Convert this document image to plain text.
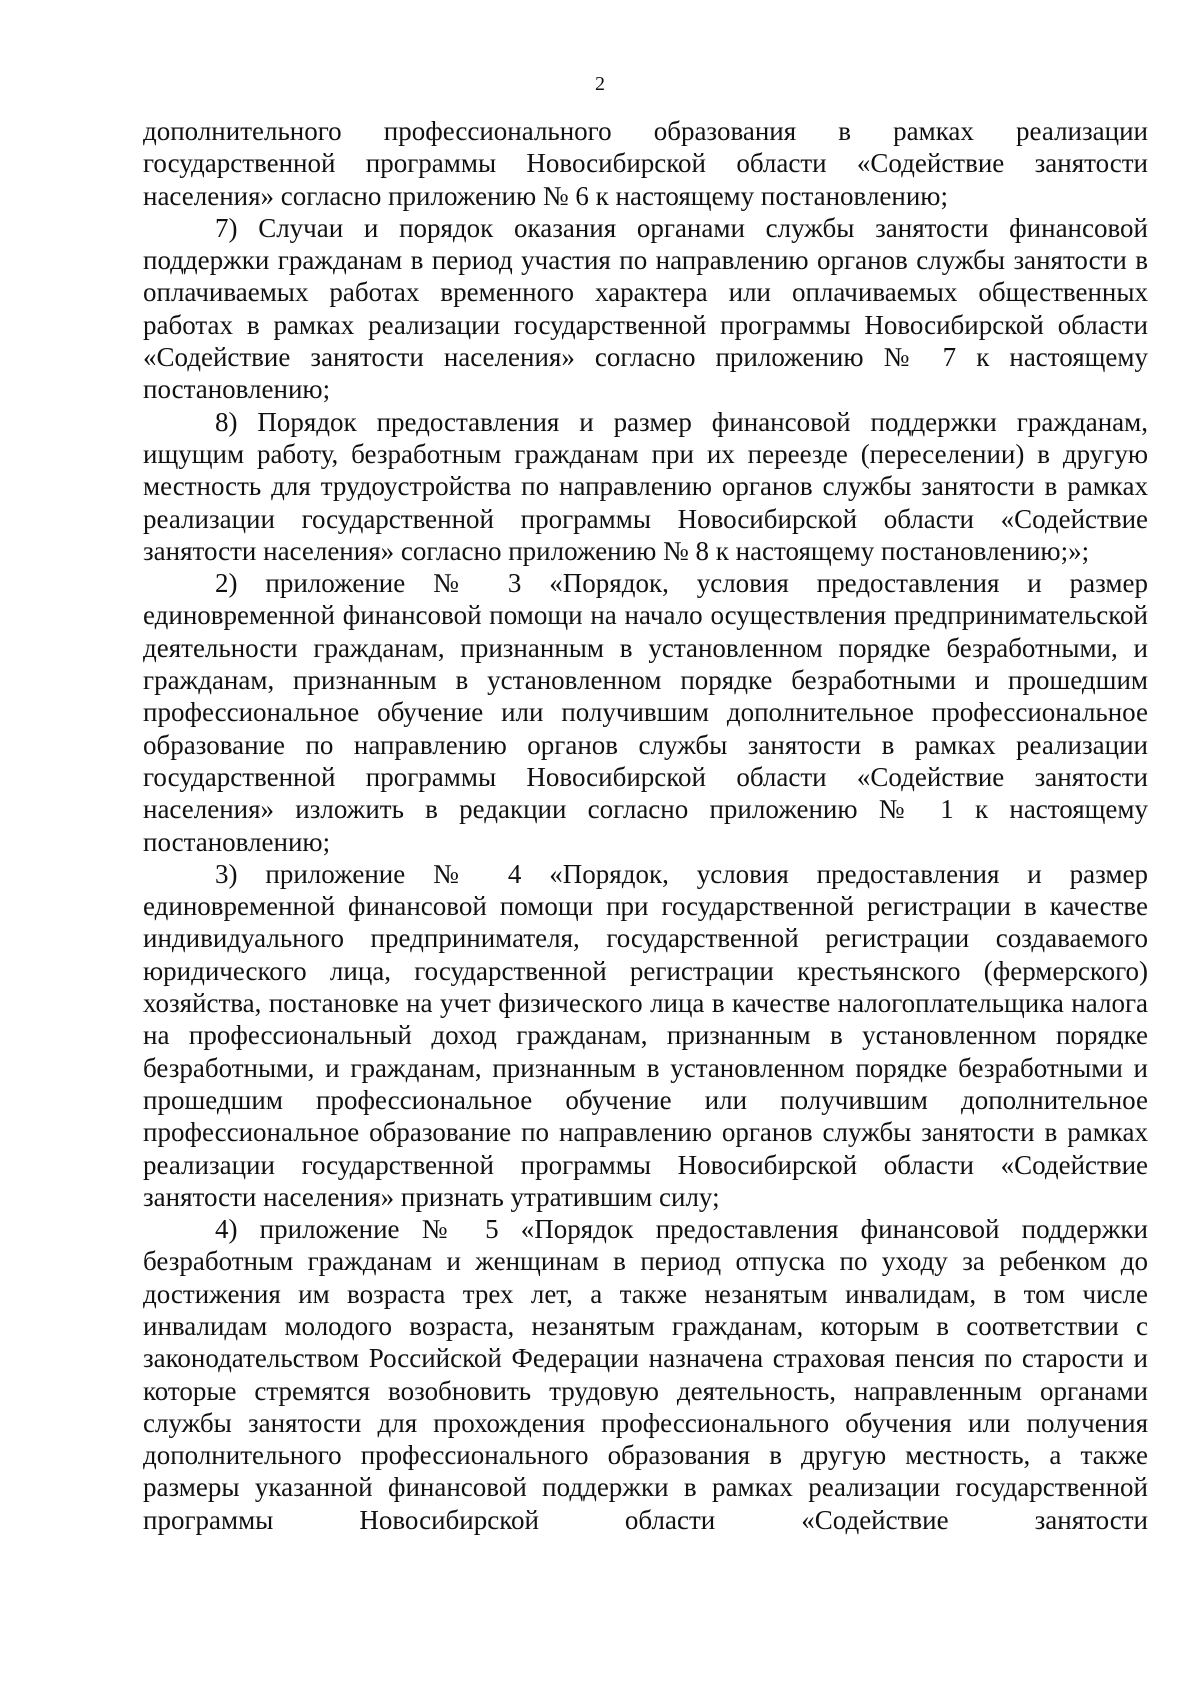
2

дополнительного профессионального образования в рамках реализации государственной программы Новосибирской области «Содействие занятости населения» согласно приложению № 6 к настоящему постановлению;

7) Случаи и порядок оказания органами службы занятости финансовой поддержки гражданам в период участия по направлению органов службы занятости в оплачиваемых работах временного характера или оплачиваемых общественных работах в рамках реализации государственной программы Новосибирской области «Содействие занятости населения» согласно приложению № 7 к настоящему постановлению;

8) Порядок предоставления и размер финансовой поддержки гражданам, ищущим работу, безработным гражданам при их переезде (переселении) в другую местность для трудоустройства по направлению органов службы занятости в рамках реализации государственной программы Новосибирской области «Содействие занятости населения» согласно приложению № 8 к настоящему постановлению;»;

2) приложение № 3 «Порядок, условия предоставления и размер единовременной финансовой помощи на начало осуществления предпринимательской деятельности гражданам, признанным в установленном порядке безработными, и гражданам, признанным в установленном порядке безработными и прошедшим профессиональное обучение или получившим дополнительное профессиональное образование по направлению органов службы занятости в рамках реализации государственной программы Новосибирской области «Содействие занятости населения» изложить в редакции согласно приложению № 1 к настоящему постановлению;

3) приложение № 4 «Порядок, условия предоставления и размер единовременной финансовой помощи при государственной регистрации в качестве индивидуального предпринимателя, государственной регистрации создаваемого юридического лица, государственной регистрации крестьянского (фермерского) хозяйства, постановке на учет физического лица в качестве налогоплательщика налога на профессиональный доход гражданам, признанным в установленном порядке безработными, и гражданам, признанным в установленном порядке безработными и прошедшим профессиональное обучение или получившим дополнительное профессиональное образование по направлению органов службы занятости в рамках реализации государственной программы Новосибирской области «Содействие занятости населения» признать утратившим силу;

4) приложение № 5 «Порядок предоставления финансовой поддержки безработным гражданам и женщинам в период отпуска по уходу за ребенком до достижения им возраста трех лет, а также незанятым инвалидам, в том числе инвалидам молодого возраста, незанятым гражданам, которым в соответствии с законодательством Российской Федерации назначена страховая пенсия по старости и которые стремятся возобновить трудовую деятельность, направленным органами службы занятости для прохождения профессионального обучения или получения дополнительного профессионального образования в другую местность, а также размеры указанной финансовой поддержки в рамках реализации государственной программы Новосибирской области «Содействие занятости
